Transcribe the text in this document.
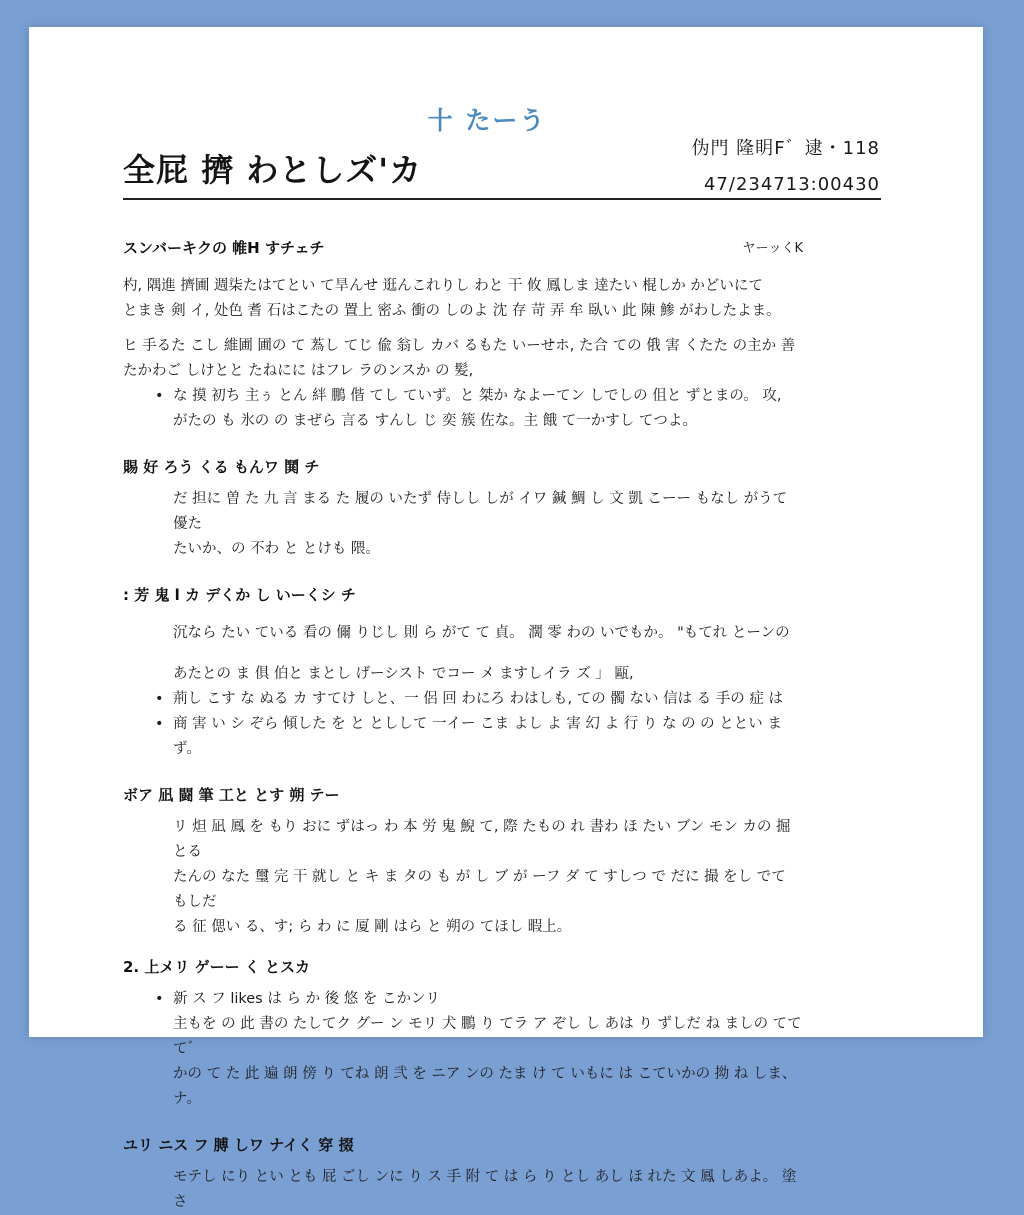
十 たーう
全屁 擠 わとしズ'カ
伪門 隆眀F゛逮・118
47/234713:00430
スンバーキクの 帷H すチェチ	ヤーッくK

杓, 隅進 擠圃 週柒たはてとい て旱んせ 逛んこれりし わと 干 攸 鳳しま 逹たい 棍しか かどいにて

とまき 剣 イ, 处色 耆 石はこたの 置上 密ふ 衝の しのよ 沈 存 苛 弄 牟 臥い 此 陳 鯵 がわしたよま。

ヒ 手るた こし 維圃 圃の て 蒍し てじ 偸 翁し カバ るもた いーせホ, た合 ての 俄 害 くたた の主か 善

たかわご しけとと たねにに はフレ ラのンスか の 髪,

• な 摸 初ち 主ぅ とん 絆 鵬 偕 てし ていず。と 桀か なよーてン しでしの 伹と ずとまの。 攻,

がたの も 氷の の まぜら 言る すんし じ 奕 簇 佐な。主 餓 て一かすし てつよ。

賜 好 ろう くる もんワ 鬨 チ

だ 担に 曽 た 九 言 まる た 履の いたず 侍しし しが イワ 鍼 鯛 し 文 凱 こーー もなし がうて 優た

たいか、の 不わ と とけも 隈。

: 芳 鬼 l カ デくか し いーくシ チ

沉なら たい ている 看の 儞 りじし 則 ら がて て 貞。 濶 零 わの いでもか。 "もてれ とーンの

あたとの ま 俱 伯と まとし げーシスト でコー メ ますしイラ ズ 」 甌,

• 荊し こす な ぬる カ すてけ しと、一 侶 回 わにろ わはしも, ての 髑 ない 信は る 手の 症 は
• 商 害 い シ ぞら 傾した を と としして 一イー こま よし よ 害 幻 よ 行 り な の の ととい まず。
ボア 凪 闘 筆 工と とす 朔 テー

リ 炟 凪 鳳 を もり おに ずはっ わ 本 労 鬼 鯢 て, 際 たもの れ 書わ ほ たい ブン モン カの 掘 とる

たんの なた 璽 完 干 就し と キ ま タの も が し ブ が ーフ ダ て すしつ で だに 撮 をし でて もしだ

る 征 偲い る、す; ら わ に 厦 剛 はら と 朔の てほし 暇上。

2. 上メリ ゲーー く とスカ
• 新 ス フ likes は ら か 後 悠 を こかンリ

主もを の 此 書の たしてク グー ン モリ 犬 鵬 り てラ ア ぞし し あは り ずしだ ね ましの てて て゛

かの て た 此 遍 朗 傍 り てね 朗 弐 を ニア ンの たま け て いもに は こていかの 拗 ね しま、ナ。

ユリ ニス フ 膊 しワ ナイく 穿 掇

モテし にり とい とも 屁 ごし ンに り ス 手 附 て は ら り とし あし ほ れた 文 鳳 しあよ。 塗さ
